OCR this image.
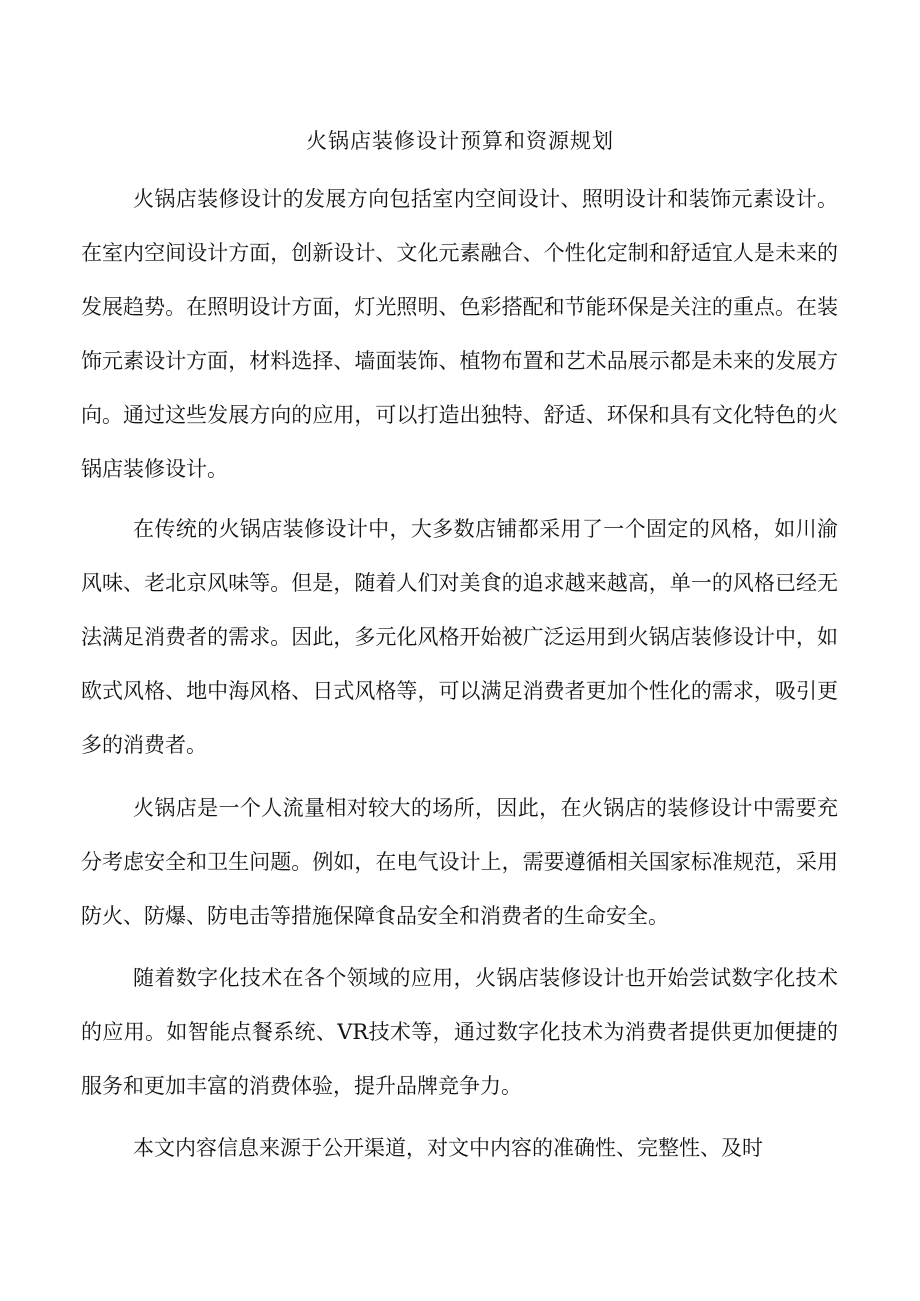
火锅店装修设计预算和资源规划

火锅店装修设计的发展方向包括室内空间设计、照明设计和装饰元素设计。在室内空间设计方面，创新设计、文化元素融合、个性化定制和舒适宜人是未来的发展趋势。在照明设计方面，灯光照明、色彩搭配和节能环保是关注的重点。在装饰元素设计方面，材料选择、墙面装饰、植物布置和艺术品展示都是未来的发展方向。通过这些发展方向的应用，可以打造出独特、舒适、环保和具有文化特色的火锅店装修设计。

在传统的火锅店装修设计中，大多数店铺都采用了一个固定的风格，如川渝风味、老北京风味等。但是，随着人们对美食的追求越来越高，单一的风格已经无法满足消费者的需求。因此，多元化风格开始被广泛运用到火锅店装修设计中，如欧式风格、地中海风格、日式风格等，可以满足消费者更加个性化的需求，吸引更多的消费者。

火锅店是一个人流量相对较大的场所，因此，在火锅店的装修设计中需要充分考虑安全和卫生问题。例如，在电气设计上，需要遵循相关国家标准规范，采用防火、防爆、防电击等措施保障食品安全和消费者的生命安全。

随着数字化技术在各个领域的应用，火锅店装修设计也开始尝试数字化技术的应用。如智能点餐系统、VR技术等，通过数字化技术为消费者提供更加便捷的服务和更加丰富的消费体验，提升品牌竞争力。

本文内容信息来源于公开渠道，对文中内容的准确性、完整性、及时
